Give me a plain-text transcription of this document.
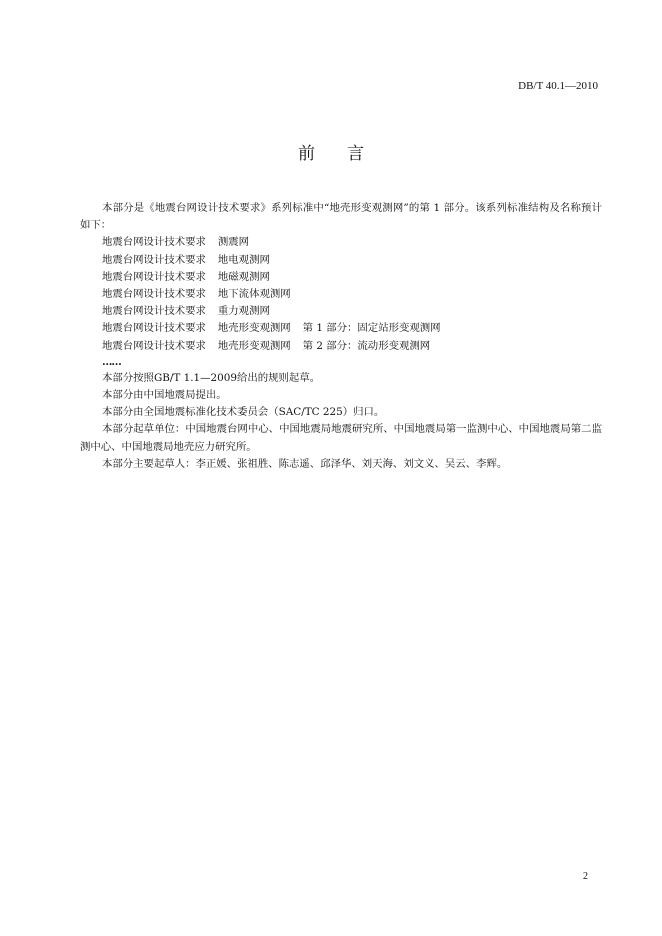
DB/T 40.1—2010
前言

本部分是《地震台网设计技术要求》系列标准中“地壳形变观测网”的第 1 部分。该系列标准结构及名称预计如下：

地震台网设计技术要求 测震网

地震台网设计技术要求 地电观测网

地震台网设计技术要求 地磁观测网

地震台网设计技术要求 地下流体观测网

地震台网设计技术要求 重力观测网

地震台网设计技术要求 地壳形变观测网 第 1 部分：固定站形变观测网

地震台网设计技术要求 地壳形变观测网 第 2 部分：流动形变观测网

……

本部分按照GB/T 1.1—2009给出的规则起草。

本部分由中国地震局提出。

本部分由全国地震标准化技术委员会（SAC/TC 225）归口。

本部分起草单位：中国地震台网中心、中国地震局地震研究所、中国地震局第一监测中心、中国地震局第二监测中心、中国地震局地壳应力研究所。

本部分主要起草人：李正媛、张祖胜、陈志遥、邱泽华、刘天海、刘文义、吴云、李辉。

2
